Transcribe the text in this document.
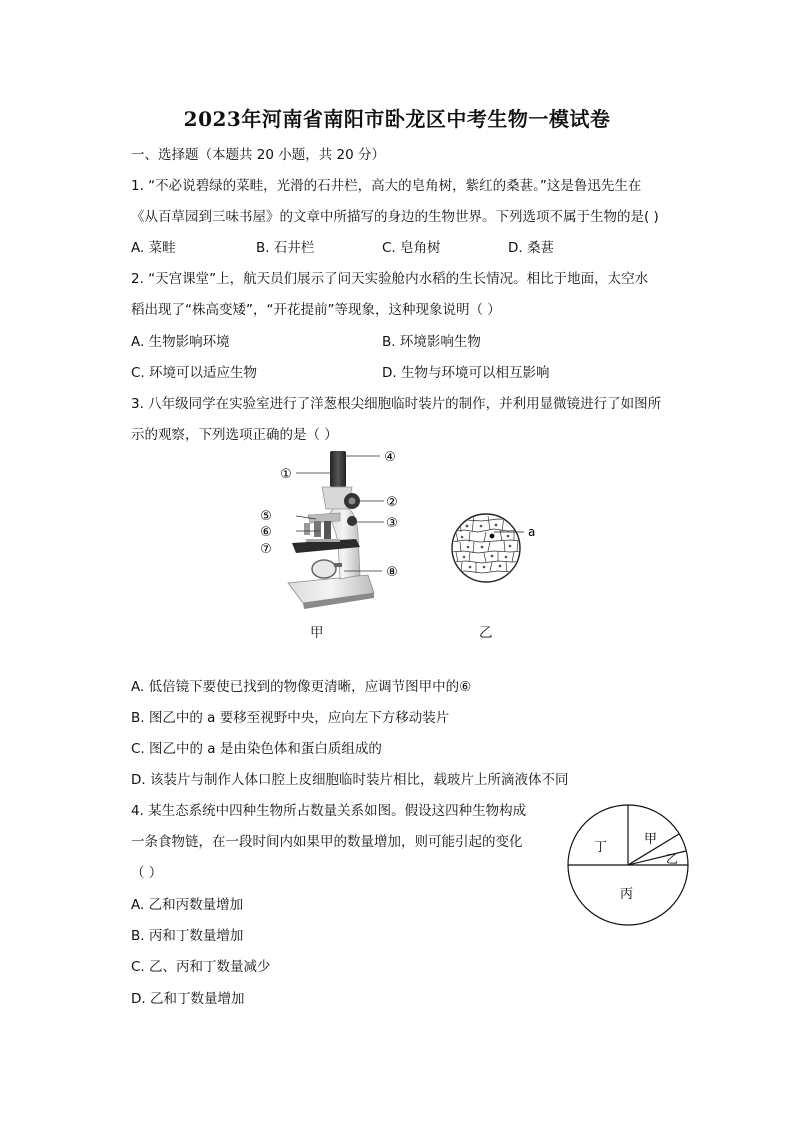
2023年河南省南阳市卧龙区中考生物一模试卷
一、选择题（本题共 20 小题，共 20 分）
1. “不必说碧绿的菜畦，光滑的石井栏，高大的皂角树，紫红的桑葚。”这是鲁迅先生在
《从百草园到三味书屋》的文章中所描写的身边的生物世界。下列选项不属于生物的是( )
A. 菜畦	B. 石井栏	C. 皂角树	D. 桑葚
2. “天宫课堂”上，航天员们展示了问天实验舱内水稻的生长情况。相比于地面，太空水
稻出现了“株高变矮”，“开花提前”等现象，这种现象说明（ ）
A. 生物影响环境	B. 环境影响生物
C. 环境可以适应生物	D. 生物与环境可以相互影响
3. 八年级同学在实验室进行了洋葱根尖细胞临时装片的制作，并利用显微镜进行了如图所
示的观察，下列选项正确的是（ ）
①
②
③
④
⑤
⑥
⑦
⑧
a
甲	乙
A. 低倍镜下要使已找到的物像更清晰，应调节图甲中的⑥
B. 图乙中的 a 要移至视野中央，应向左下方移动装片
C. 图乙中的 a 是由染色体和蛋白质组成的
D. 该装片与制作人体口腔上皮细胞临时装片相比，载玻片上所滴液体不同
4. 某生态系统中四种生物所占数量关系如图。假设这四种生物构成
一条食物链，在一段时间内如果甲的数量增加，则可能引起的变化
（ ）
甲
乙
丙
丁
A. 乙和丙数量增加
B. 丙和丁数量增加
C. 乙、丙和丁数量减少
D. 乙和丁数量增加
